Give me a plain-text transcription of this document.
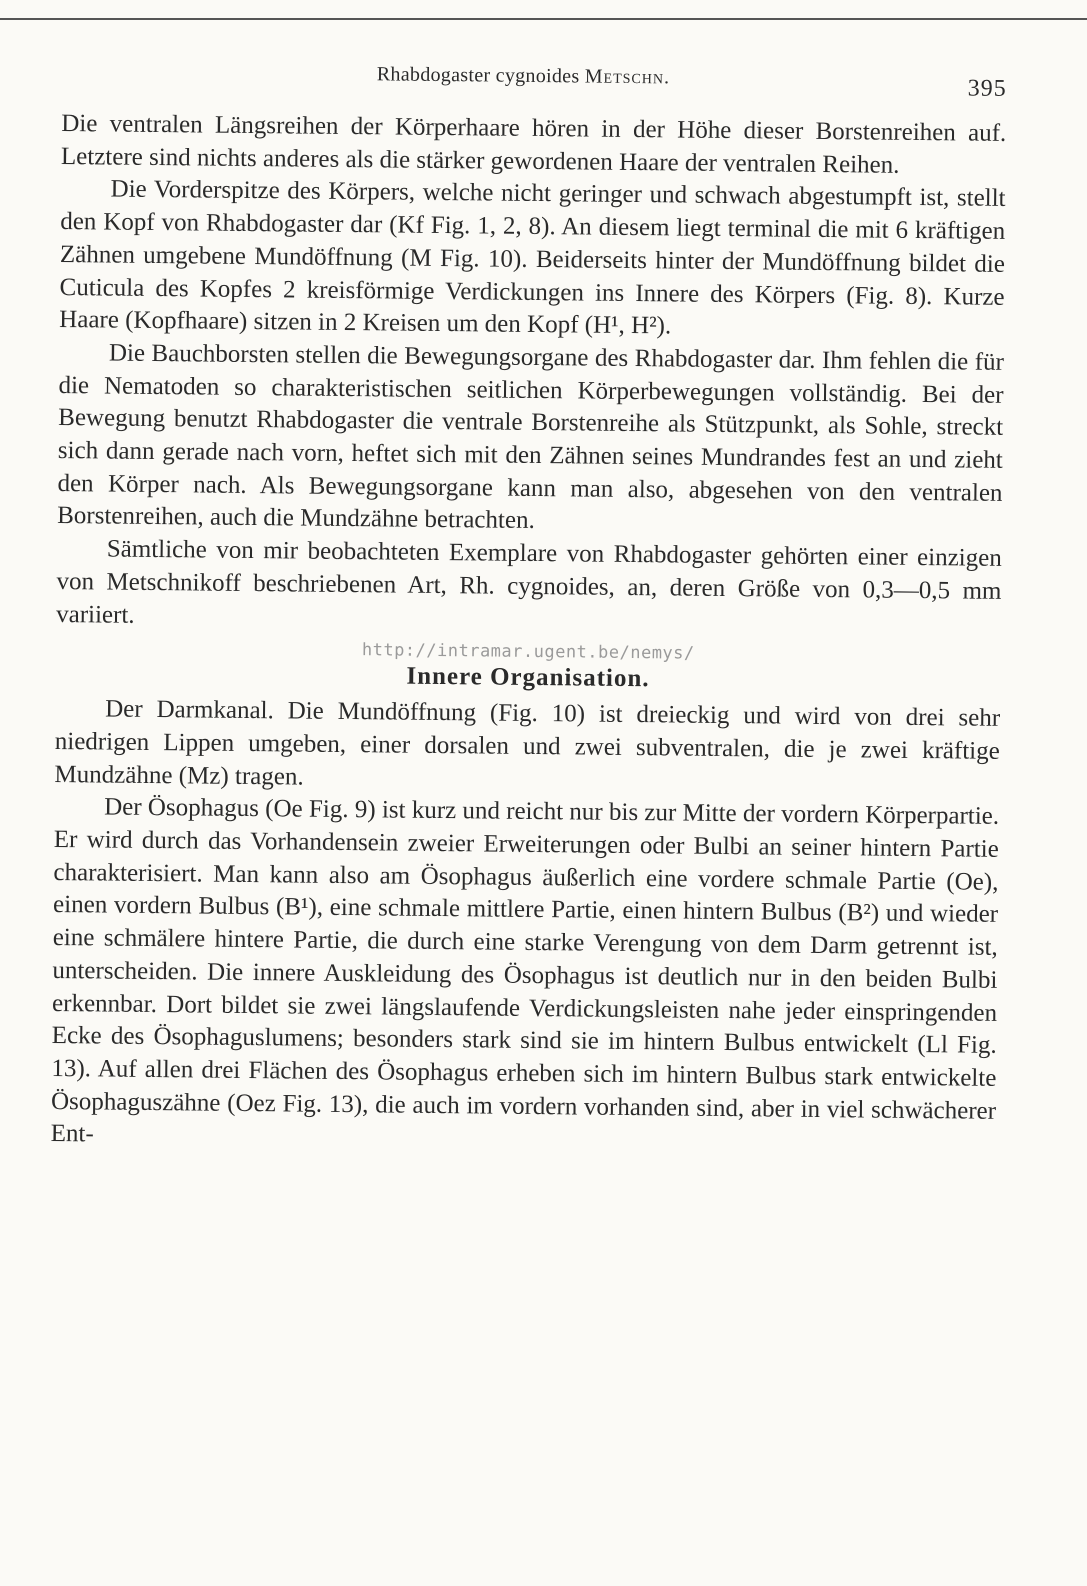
Rhabdogaster cygnoides Metschn.	395

Die ventralen Längsreihen der Körperhaare hören in der Höhe dieser Borstenreihen auf. Letztere sind nichts anderes als die stärker gewordenen Haare der ventralen Reihen.

Die Vorderspitze des Körpers, welche nicht geringer und schwach abgestumpft ist, stellt den Kopf von Rhabdogaster dar (Kf Fig. 1, 2, 8). An diesem liegt terminal die mit 6 kräftigen Zähnen umgebene Mundöffnung (M Fig. 10). Beiderseits hinter der Mundöffnung bildet die Cuticula des Kopfes 2 kreisförmige Verdickungen ins Innere des Körpers (Fig. 8). Kurze Haare (Kopfhaare) sitzen in 2 Kreisen um den Kopf (H¹, H²).

Die Bauchborsten stellen die Bewegungsorgane des Rhabdogaster dar. Ihm fehlen die für die Nematoden so charakteristischen seitlichen Körperbewegungen vollständig. Bei der Bewegung benutzt Rhabdogaster die ventrale Borstenreihe als Stützpunkt, als Sohle, streckt sich dann gerade nach vorn, heftet sich mit den Zähnen seines Mundrandes fest an und zieht den Körper nach. Als Bewegungsorgane kann man also, abgesehen von den ventralen Borstenreihen, auch die Mundzähne betrachten.

Sämtliche von mir beobachteten Exemplare von Rhabdogaster gehörten einer einzigen von Metschnikoff beschriebenen Art, Rh. cygnoides, an, deren Größe von 0,3—0,5 mm variiert.

http://intramar.ugent.be/nemys/
Innere Organisation.

Der Darmkanal. Die Mundöffnung (Fig. 10) ist dreieckig und wird von drei sehr niedrigen Lippen umgeben, einer dorsalen und zwei subventralen, die je zwei kräftige Mundzähne (Mz) tragen.

Der Ösophagus (Oe Fig. 9) ist kurz und reicht nur bis zur Mitte der vordern Körperpartie. Er wird durch das Vorhandensein zweier Erweiterungen oder Bulbi an seiner hintern Partie charakterisiert. Man kann also am Ösophagus äußerlich eine vordere schmale Partie (Oe), einen vordern Bulbus (B¹), eine schmale mittlere Partie, einen hintern Bulbus (B²) und wieder eine schmälere hintere Partie, die durch eine starke Verengung von dem Darm getrennt ist, unterscheiden. Die innere Auskleidung des Ösophagus ist deutlich nur in den beiden Bulbi erkennbar. Dort bildet sie zwei längslaufende Verdickungsleisten nahe jeder einspringenden Ecke des Ösophaguslumens; besonders stark sind sie im hintern Bulbus entwickelt (Ll Fig. 13). Auf allen drei Flächen des Ösophagus erheben sich im hintern Bulbus stark entwickelte Ösophaguszähne (Oez Fig. 13), die auch im vordern vorhanden sind, aber in viel schwächerer Ent-
